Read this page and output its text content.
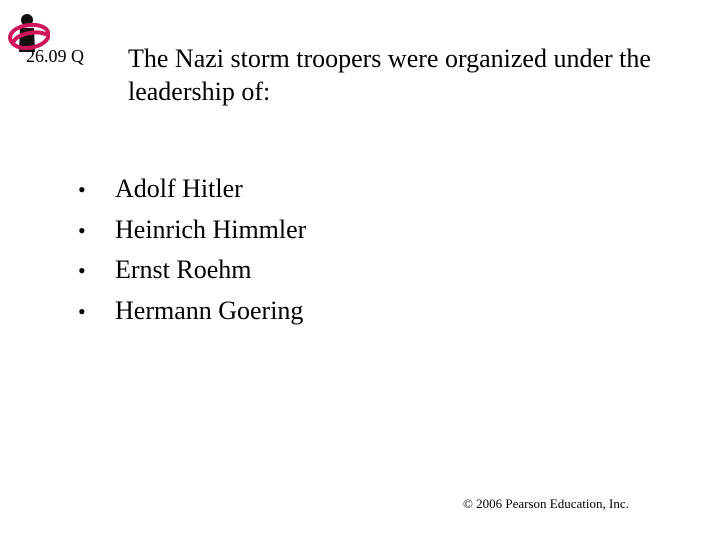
26.09 Q The Nazi storm troopers were organized under the leadership of:
•	Adolf Hitler
•	Heinrich Himmler
•	Ernst Roehm
•	Hermann Goering
© 2006 Pearson Education, Inc.
